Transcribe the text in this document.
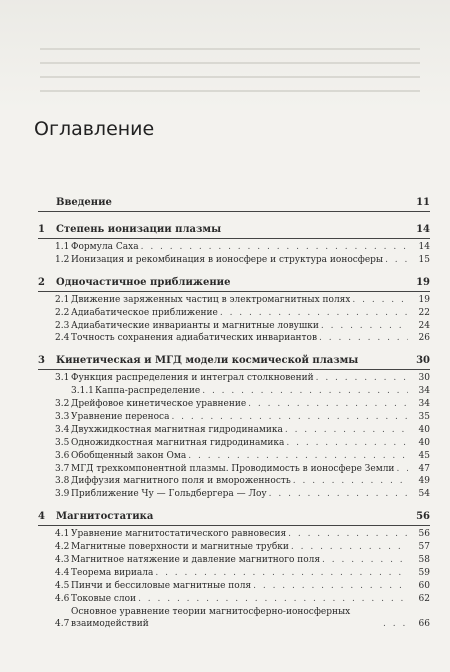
Оглавление
Введение	11
1	Степень ионизации плазмы	14
1.1 Формула Саха . . .	14
1.2 Ионизация и рекомбинация в ионосфере и структура ионосферы . . .	15
2	Одночастичное приближение	19
2.1 Движение заряженных частиц в электромагнитных полях . . .	19
2.2 Адиабатическое приближение . . .	22
2.3 Адиабатические инварианты и магнитные ловушки . . .	24
2.4 Точность сохранения адиабатических инвариантов . . .	26
3	Кинетическая и МГД модели космической плазмы	30
3.1 Функция распределения и интеграл столкновений . . .	30
3.1.1 Каппа-распределение . . .	34
3.2 Дрейфовое кинетическое уравнение . . .	34
3.3 Уравнение переноса . . .	35
3.4 Двухжидкостная магнитная гидродинамика . . .	40
3.5 Одножидкостная магнитная гидродинамика . . .	40
3.6 Обобщенный закон Ома . . .	45
3.7 МГД трехкомпонентной плазмы. Проводимость в ионосфере Земли . . .	47
3.8 Диффузия магнитного поля и вмороженность . . .	49
3.9 Приближение Чу — Гольдбергера — Лоу . . .	54
4	Магнитостатика	56
4.1 Уравнение магнитостатического равновесия . . .	56
4.2 Магнитные поверхности и магнитные трубки . . .	57
4.3 Магнитное натяжение и давление магнитного поля . . .	58
4.4 Теорема вириала . . .	59
4.5 Пинчи и бессиловые магнитные поля . . .	60
4.6 Токовые слои . . .	62
4.7
Основное уравнение теории магнитосферно-ионосферных взаимодействий . . .	66
